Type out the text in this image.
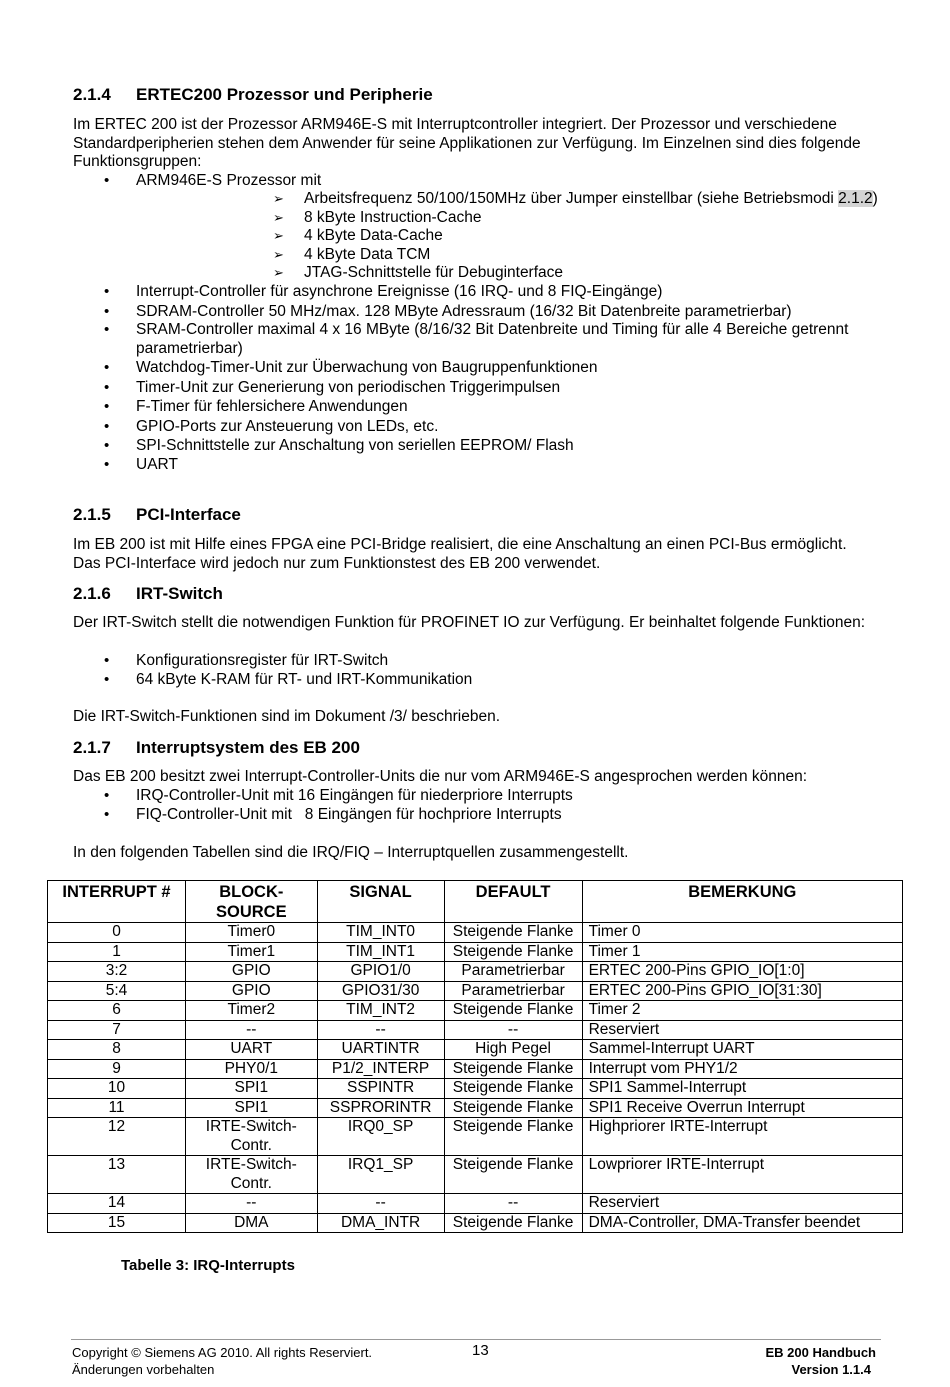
2.1.4 ERTEC200 Prozessor und Peripherie

Im ERTEC 200 ist der Prozessor ARM946E-S mit Interruptcontroller integriert. Der Prozessor und verschiedene Standardperipherien stehen dem Anwender für seine Applikationen zur Verfügung. Im Einzelnen sind dies folgende Funktionsgruppen:

• ARM946E-S Prozessor mit
➢ Arbeitsfrequenz 50/100/150MHz über Jumper einstellbar (siehe Betriebsmodi 2.1.2)
➢ 8 kByte Instruction-Cache
➢ 4 kByte Data-Cache
➢ 4 kByte Data TCM
➢ JTAG-Schnittstelle für Debuginterface
• Interrupt-Controller für asynchrone Ereignisse (16 IRQ- und 8 FIQ-Eingänge)
• SDRAM-Controller 50 MHz/max. 128 MByte Adressraum (16/32 Bit Datenbreite parametrierbar)
• SRAM-Controller maximal 4 x 16 MByte (8/16/32 Bit Datenbreite und Timing für alle 4 Bereiche getrennt parametrierbar)
• Watchdog-Timer-Unit zur Überwachung von Baugruppenfunktionen
• Timer-Unit zur Generierung von periodischen Triggerimpulsen
• F-Timer für fehlersichere Anwendungen
• GPIO-Ports zur Ansteuerung von LEDs, etc.
• SPI-Schnittstelle zur Anschaltung von seriellen EEPROM/ Flash
• UART
2.1.5 PCI-Interface

Im EB 200 ist mit Hilfe eines FPGA eine PCI-Bridge realisiert, die eine Anschaltung an einen PCI-Bus ermöglicht. Das PCI-Interface wird jedoch nur zum Funktionstest des EB 200 verwendet.

2.1.6 IRT-Switch

Der IRT-Switch stellt die notwendigen Funktion für PROFINET IO zur Verfügung. Er beinhaltet folgende Funktionen:

• Konfigurationsregister für IRT-Switch
• 64 kByte K-RAM für RT- und IRT-Kommunikation

Die IRT-Switch-Funktionen sind im Dokument /3/ beschrieben.

2.1.7 Interruptsystem des EB 200

Das EB 200 besitzt zwei Interrupt-Controller-Units die nur vom ARM946E-S angesprochen werden können:

• IRQ-Controller-Unit mit 16 Eingängen für niederpriore Interrupts
• FIQ-Controller-Unit mit   8 Eingängen für hochpriore Interrupts

In den folgenden Tabellen sind die IRQ/FIQ – Interruptquellen zusammengestellt.

INTERRUPT #	BLOCK-SOURCE	SIGNAL	DEFAULT	BEMERKUNG
0	Timer0	TIM_INT0	Steigende Flanke	Timer 0
1	Timer1	TIM_INT1	Steigende Flanke	Timer 1
3:2	GPIO	GPIO1/0	Parametrierbar	ERTEC 200-Pins GPIO_IO[1:0]
5:4	GPIO	GPIO31/30	Parametrierbar	ERTEC 200-Pins GPIO_IO[31:30]
6	Timer2	TIM_INT2	Steigende Flanke	Timer 2
7	--	--	--	Reserviert
8	UART	UARTINTR	High Pegel	Sammel-Interrupt UART
9	PHY0/1	P1/2_INTERP	Steigende Flanke	Interrupt vom PHY1/2
10	SPI1	SSPINTR	Steigende Flanke	SPI1 Sammel-Interrupt
11	SPI1	SSPRORINTR	Steigende Flanke	SPI1 Receive Overrun Interrupt
12	IRTE-Switch-Contr.	IRQ0_SP	Steigende Flanke	Highpriorer IRTE-Interrupt
13	IRTE-Switch-Contr.	IRQ1_SP	Steigende Flanke	Lowpriorer IRTE-Interrupt
14	--	--	--	Reserviert
15	DMA	DMA_INTR	Steigende Flanke	DMA-Controller, DMA-Transfer beendet
Tabelle 3: IRQ-Interrupts
Copyright © Siemens AG 2010. All rights Reserviert.
Änderungen vorbehalten
13	EB 200 Handbuch
Version 1.1.4
